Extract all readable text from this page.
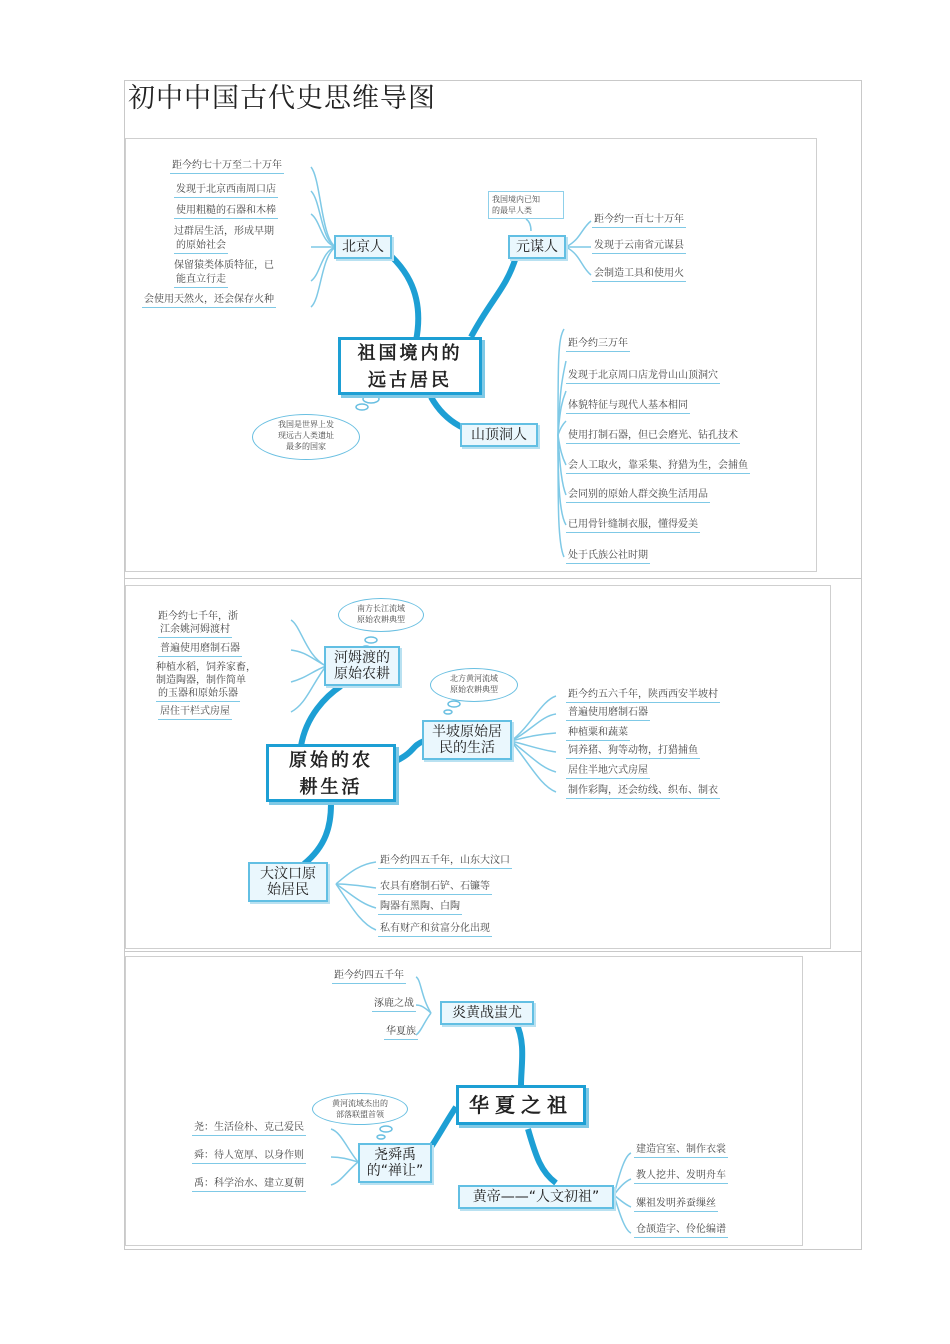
初中中国古代史思维导图
祖国境内的
远古居民
北京人
距今约七十万至二十万年
发现于北京西南周口店
使用粗糙的石器和木棒
过群居生活，形成早期
的原始社会
保留猿类体质特征，已
能直立行走
会使用天然火，还会保存火种
元谋人
我国境内已知
的最早人类
距今约一百七十万年
发现于云南省元谋县
会制造工具和使用火
山顶洞人
距今约三万年
发现于北京周口店龙骨山山顶洞穴
体貌特征与现代人基本相同
使用打制石器，但已会磨光、钻孔技术
会人工取火，靠采集、狩猎为生，会捕鱼
会同别的原始人群交换生活用品
已用骨针缝制衣服，懂得爱美
处于氏族公社时期
我国是世界上发
现远古人类遗址
最多的国家
原始的农
耕生活
河姆渡的
原始农耕
南方长江流域
原始农耕典型
距今约七千年，浙
江余姚河姆渡村
普遍使用磨制石器
种植水稻，饲养家畜，
制造陶器，制作简单
的玉器和原始乐器
居住干栏式房屋
半坡原始居
民的生活
北方黄河流域
原始农耕典型	距今约五六千年，陕西西安半坡村
普遍使用磨制石器
种植粟和蔬菜
饲养猪、狗等动物，打猎捕鱼
居住半地穴式房屋
制作彩陶，还会纺线、织布、制衣
大汶口原
始居民
距今约四五千年，山东大汶口
农具有磨制石铲、石镰等
陶器有黑陶、白陶
私有财产和贫富分化出现
华夏之祖
炎黄战蚩尤
距今约四五千年
涿鹿之战
华夏族
尧舜禹
的“禅让”
黄河流域杰出的
部落联盟首领
尧：生活俭朴、克己爱民
舜：待人宽厚、以身作则
禹：科学治水、建立夏朝
黄帝——“人文初祖”
建造宫室、制作衣裳
教人挖井、发明舟车
嫘祖发明养蚕缫丝
仓颉造字、伶伦编谱
